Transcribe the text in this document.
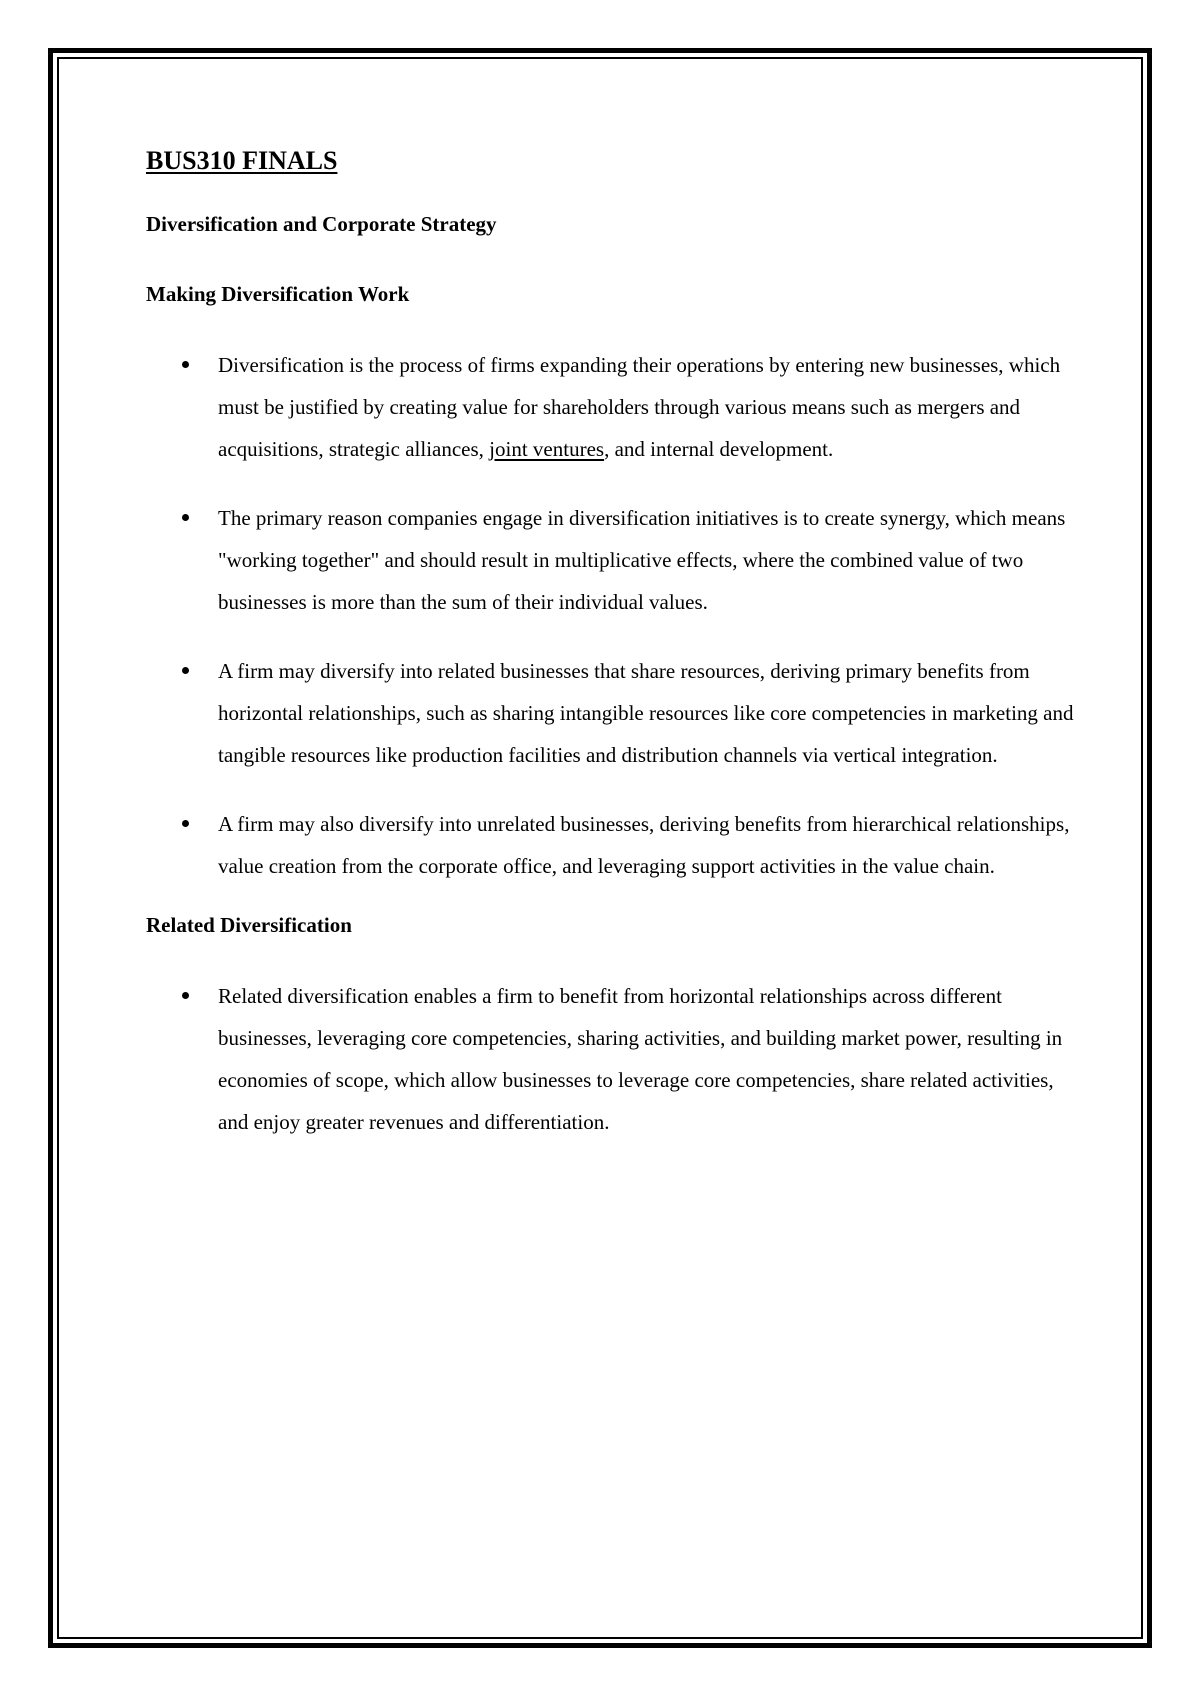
BUS310 FINALS
Diversification and Corporate Strategy
Making Diversification Work
Diversification is the process of firms expanding their operations by entering new businesses, which must be justified by creating value for shareholders through various means such as mergers and acquisitions, strategic alliances, joint ventures, and internal development.
The primary reason companies engage in diversification initiatives is to create synergy, which means "working together" and should result in multiplicative effects, where the combined value of two businesses is more than the sum of their individual values.
A firm may diversify into related businesses that share resources, deriving primary benefits from horizontal relationships, such as sharing intangible resources like core competencies in marketing and tangible resources like production facilities and distribution channels via vertical integration.
A firm may also diversify into unrelated businesses, deriving benefits from hierarchical relationships, value creation from the corporate office, and leveraging support activities in the value chain.
Related Diversification
Related diversification enables a firm to benefit from horizontal relationships across different businesses, leveraging core competencies, sharing activities, and building market power, resulting in economies of scope, which allow businesses to leverage core competencies, share related activities, and enjoy greater revenues and differentiation.
